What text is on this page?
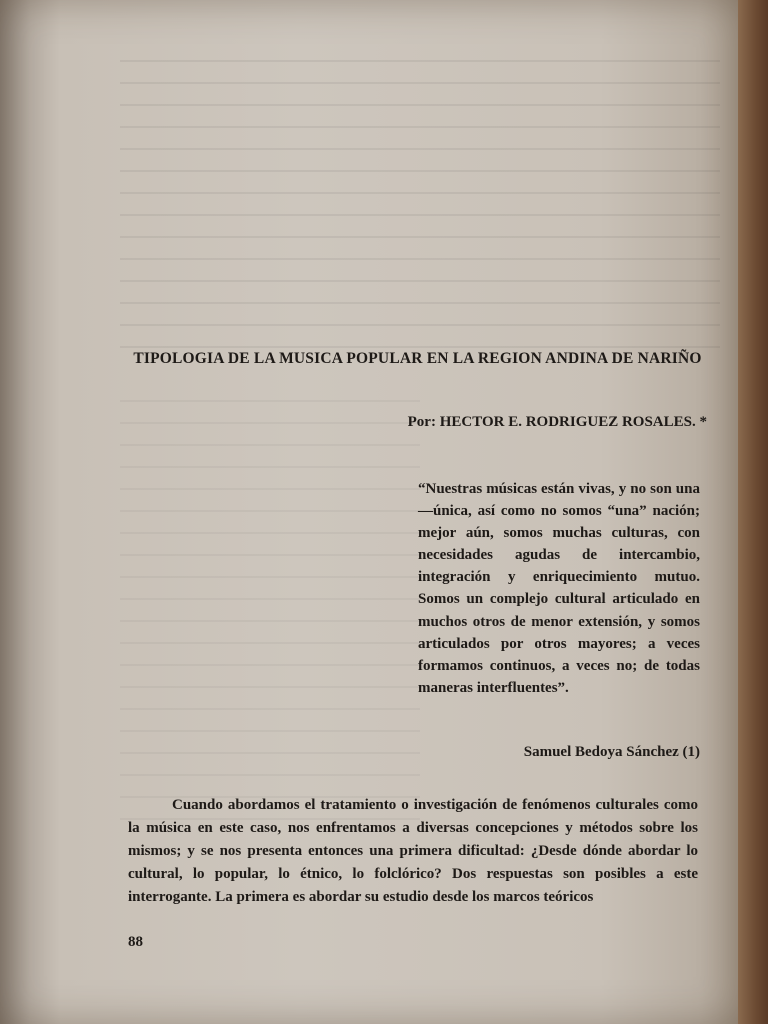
TIPOLOGIA DE LA MUSICA POPULAR EN LA REGION ANDINA DE NARIÑO
Por: HECTOR E. RODRIGUEZ ROSALES. *
“Nuestras músicas están vivas, y no son una —única, así como no somos “una” nación; mejor aún, somos muchas culturas, con necesidades agudas de intercambio, integración y enriquecimiento mutuo. Somos un complejo cultural articulado en muchos otros de menor extensión, y somos articulados por otros mayores; a veces formamos continuos, a veces no; de todas maneras interfluentes”.
Samuel Bedoya Sánchez (1)

Cuando abordamos el tratamiento o investigación de fenómenos culturales como la música en este caso, nos enfrentamos a diversas concepciones y métodos sobre los mismos; y se nos presenta entonces una primera dificultad: ¿Desde dónde abordar lo cultural, lo popular, lo étnico, lo folclórico? Dos respuestas son posibles a este interrogante. La primera es abordar su estudio desde los marcos teóricos

88
